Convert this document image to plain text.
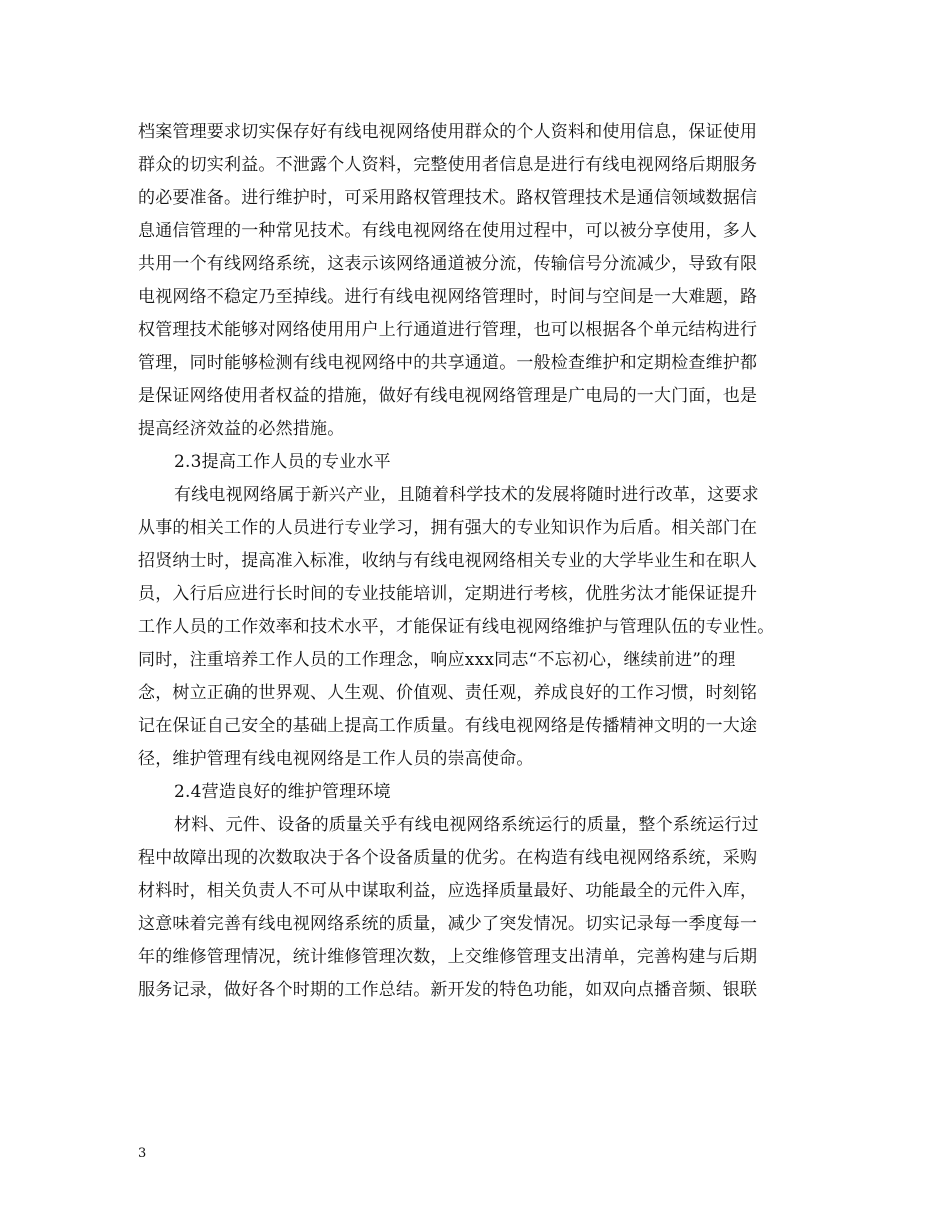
档案管理要求切实保存好有线电视网络使用群众的个人资料和使用信息，保证使用
群众的切实利益。不泄露个人资料，完整使用者信息是进行有线电视网络后期服务
的必要准备。进行维护时，可采用路权管理技术。路权管理技术是通信领域数据信
息通信管理的一种常见技术。有线电视网络在使用过程中，可以被分享使用，多人
共用一个有线网络系统，这表示该网络通道被分流，传输信号分流减少，导致有限
电视网络不稳定乃至掉线。进行有线电视网络管理时，时间与空间是一大难题，路
权管理技术能够对网络使用用户上行通道进行管理，也可以根据各个单元结构进行
管理，同时能够检测有线电视网络中的共享通道。一般检查维护和定期检查维护都
是保证网络使用者权益的措施，做好有线电视网络管理是广电局的一大门面，也是
提高经济效益的必然措施。
2.3提高工作人员的专业水平
有线电视网络属于新兴产业，且随着科学技术的发展将随时进行改革，这要求
从事的相关工作的人员进行专业学习，拥有强大的专业知识作为后盾。相关部门在
招贤纳士时，提高准入标准，收纳与有线电视网络相关专业的大学毕业生和在职人
员，入行后应进行长时间的专业技能培训，定期进行考核，优胜劣汰才能保证提升
工作人员的工作效率和技术水平，才能保证有线电视网络维护与管理队伍的专业性。
同时，注重培养工作人员的工作理念，响应xxx同志“不忘初心，继续前进”的理
念，树立正确的世界观、人生观、价值观、责任观，养成良好的工作习惯，时刻铭
记在保证自己安全的基础上提高工作质量。有线电视网络是传播精神文明的一大途
径，维护管理有线电视网络是工作人员的崇高使命。
2.4营造良好的维护管理环境
材料、元件、设备的质量关乎有线电视网络系统运行的质量，整个系统运行过
程中故障出现的次数取决于各个设备质量的优劣。在构造有线电视网络系统，采购
材料时，相关负责人不可从中谋取利益，应选择质量最好、功能最全的元件入库，
这意味着完善有线电视网络系统的质量，减少了突发情况。切实记录每一季度每一
年的维修管理情况，统计维修管理次数，上交维修管理支出清单，完善构建与后期
服务记录，做好各个时期的工作总结。新开发的特色功能，如双向点播音频、银联
3
